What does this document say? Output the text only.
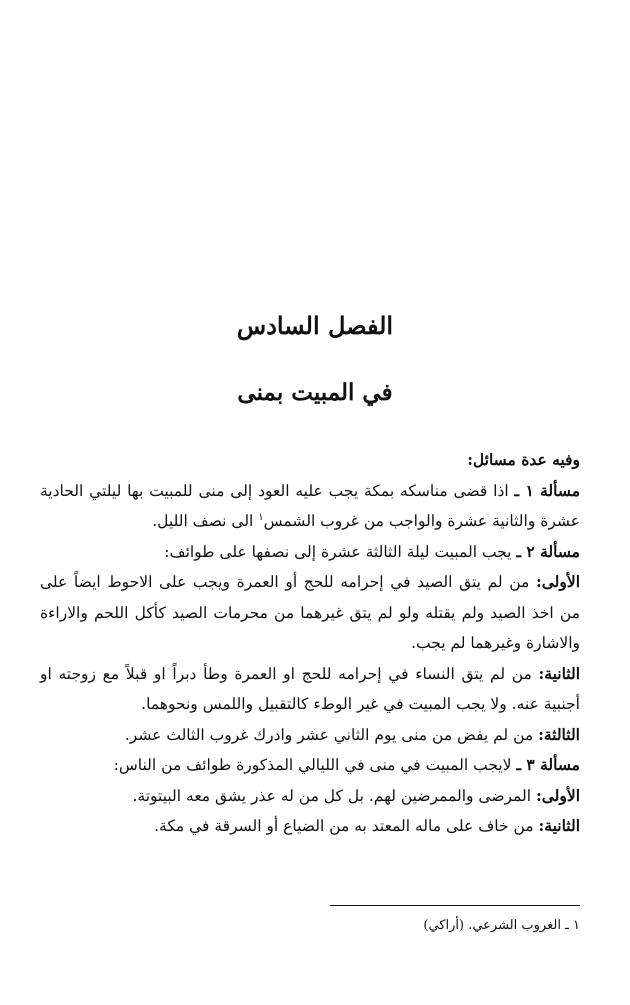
الفصل السادس
في المبيت بمنى

وفيه عدة مسائل:

مسألة ١ ـ اذا قضى مناسكه بمكة يجب عليه العود إلى منى للمبيت بها ليلتي الحادية عشرة والثانية عشرة والواجب من غروب الشمس$^١$ الى نصف الليل.

مسألة ٢ ـ يجب المبيت ليلة الثالثة عشرة إلى نصفها على طوائف:

الأولى: من لم يتق الصيد في إحرامه للحج أو العمرة ويجب على الاحوط ايضاً على من اخذ الصيد ولم يقتله ولو لم يتق غيرهما من محرمات الصيد كأكل اللحم والاراءة والاشارة وغيرهما لم يجب.

الثانية: من لم يتق النساء في إحرامه للحج او العمرة وطأ دبراً او قبلاً مع زوجته او أجنبية عنه. ولا يجب المبيت في غير الوطء كالتقبيل واللمس ونحوهما.

الثالثة: من لم يفض من منى يوم الثاني عشر وادرك غروب الثالث عشر.

مسألة ٣ ـ لايجب المبيت في منى في الليالي المذكورة طوائف من الناس:

الأولى: المرضى والممرضين لهم. بل كل من له عذر يشق معه البيتوتة.

الثانية: من خاف على ماله المعتد به من الضياع أو السرقة في مكة.

١ ـ الغروب الشرعي. (أراكي)
